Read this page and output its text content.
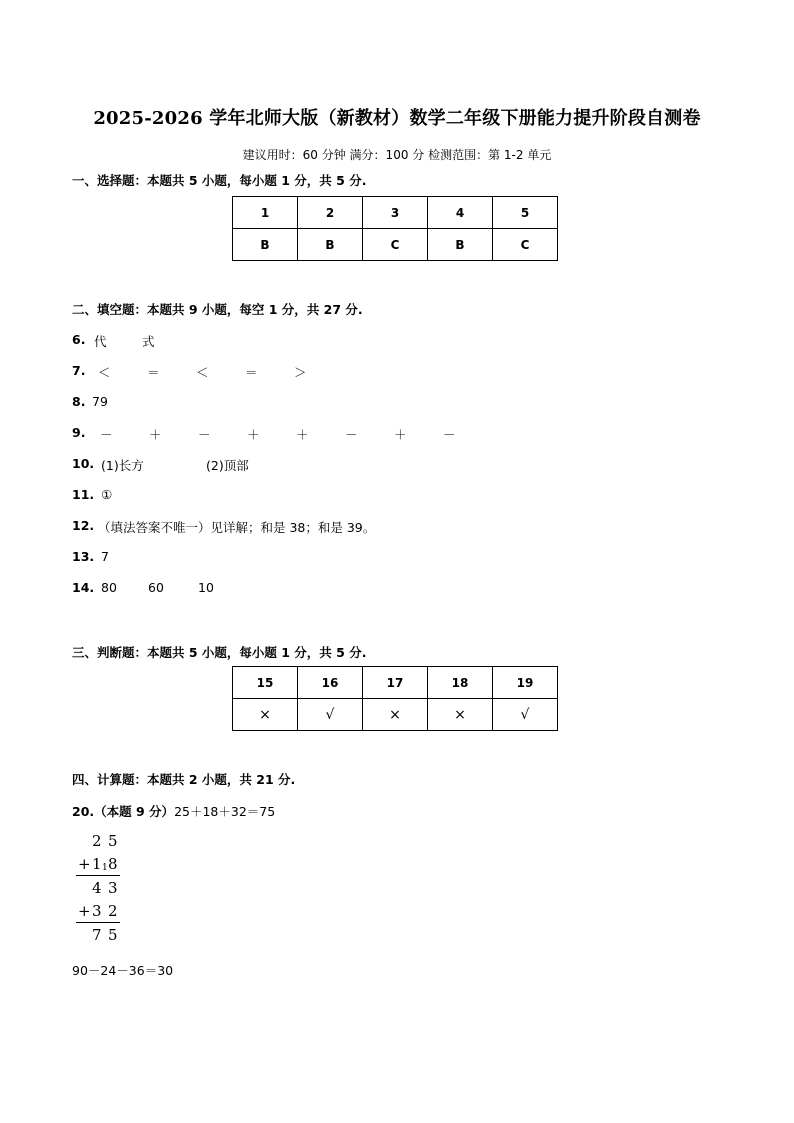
2025-2026 学年北师大版（新教材）数学二年级下册能力提升阶段自测卷
建议用时：60 分钟 满分：100 分 检测范围：第 1-2 单元
一、选择题：本题共 5 小题，每小题 1 分，共 5 分.
1	2	3	4	5
B	B	C	B	C
二、填空题：本题共 9 小题，每空 1 分，共 27 分.
6. 代	式
7. ＜	＝	＜	＝	＞
8. 79
9. －	＋	－	＋	＋	－	＋	－
10. (1)长方	(2)顶部
11. ①
12. （填法答案不唯一）见详解；和是 38；和是 39。
13. 7
14. 80 60	10
三、判断题：本题共 5 小题，每小题 1 分，共 5 分.
15	16	17	18	19
×	√	×	×	√
四、计算题：本题共 2 小题，共 21 分.
20.（本题 9 分）25＋18＋32＝75
2 5
+ 1 1 8
4 3
+ 3 2
7 5
90－24－36＝30
